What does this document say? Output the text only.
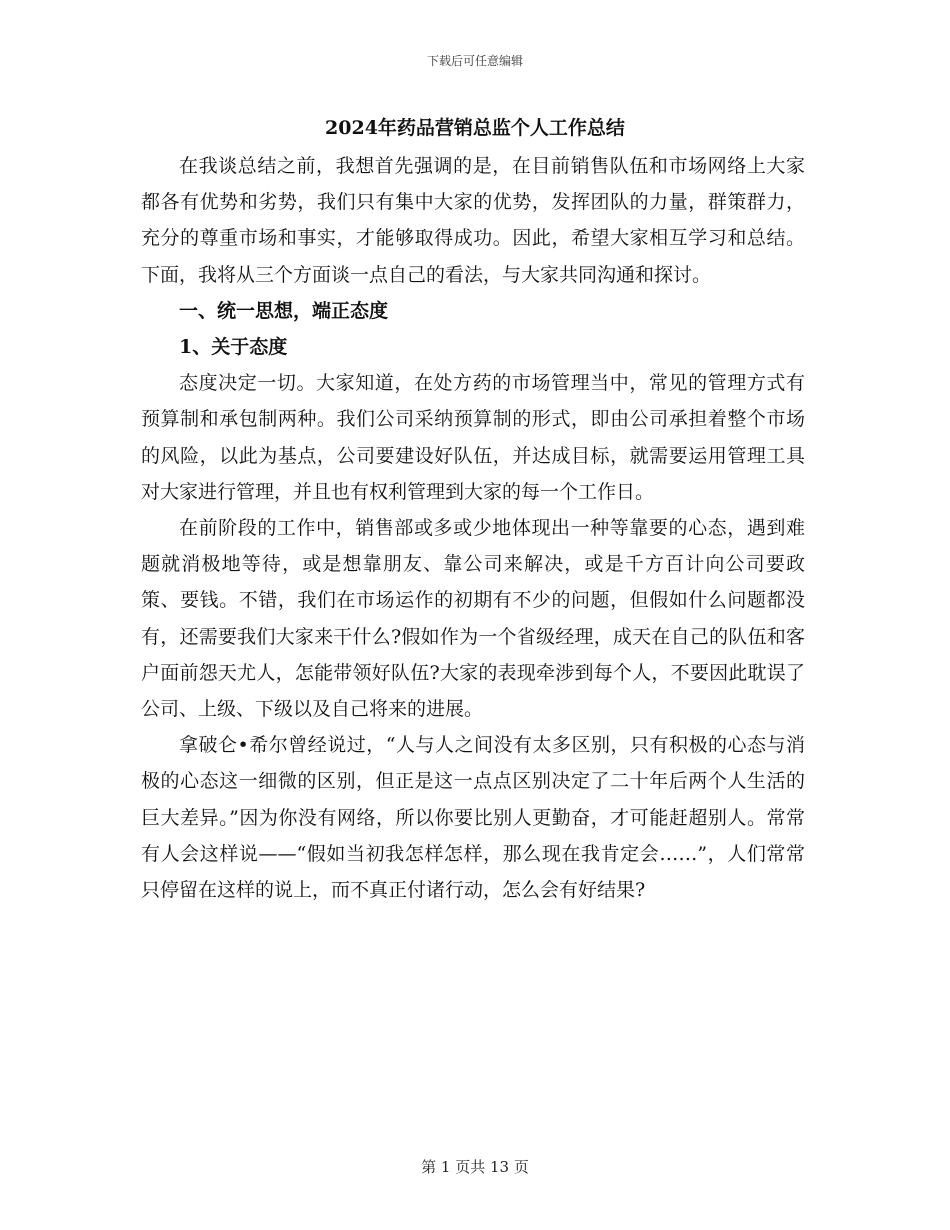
下载后可任意编辑
2024年药品营销总监个人工作总结

在我谈总结之前，我想首先强调的是，在目前销售队伍和市场网络上大家都各有优势和劣势，我们只有集中大家的优势，发挥团队的力量，群策群力，充分的尊重市场和事实，才能够取得成功。因此，希望大家相互学习和总结。下面，我将从三个方面谈一点自己的看法，与大家共同沟通和探讨。

一、统一思想，端正态度

1、关于态度

态度决定一切。大家知道，在处方药的市场管理当中，常见的管理方式有预算制和承包制两种。我们公司采纳预算制的形式，即由公司承担着整个市场的风险，以此为基点，公司要建设好队伍，并达成目标，就需要运用管理工具对大家进行管理，并且也有权利管理到大家的每一个工作日。

在前阶段的工作中，销售部或多或少地体现出一种等靠要的心态，遇到难题就消极地等待，或是想靠朋友、靠公司来解决，或是千方百计向公司要政策、要钱。不错，我们在市场运作的初期有不少的问题，但假如什么问题都没有，还需要我们大家来干什么?假如作为一个省级经理，成天在自己的队伍和客户面前怨天尤人，怎能带领好队伍?大家的表现牵涉到每个人，不要因此耽误了公司、上级、下级以及自己将来的进展。

拿破仑•希尔曾经说过，“人与人之间没有太多区别，只有积极的心态与消极的心态这一细微的区别，但正是这一点点区别决定了二十年后两个人生活的巨大差异。”因为你没有网络，所以你要比别人更勤奋，才可能赶超别人。常常有人会这样说——“假如当初我怎样怎样，那么现在我肯定会……”，人们常常只停留在这样的说上，而不真正付诸行动，怎么会有好结果?

第 1 页共 13 页
